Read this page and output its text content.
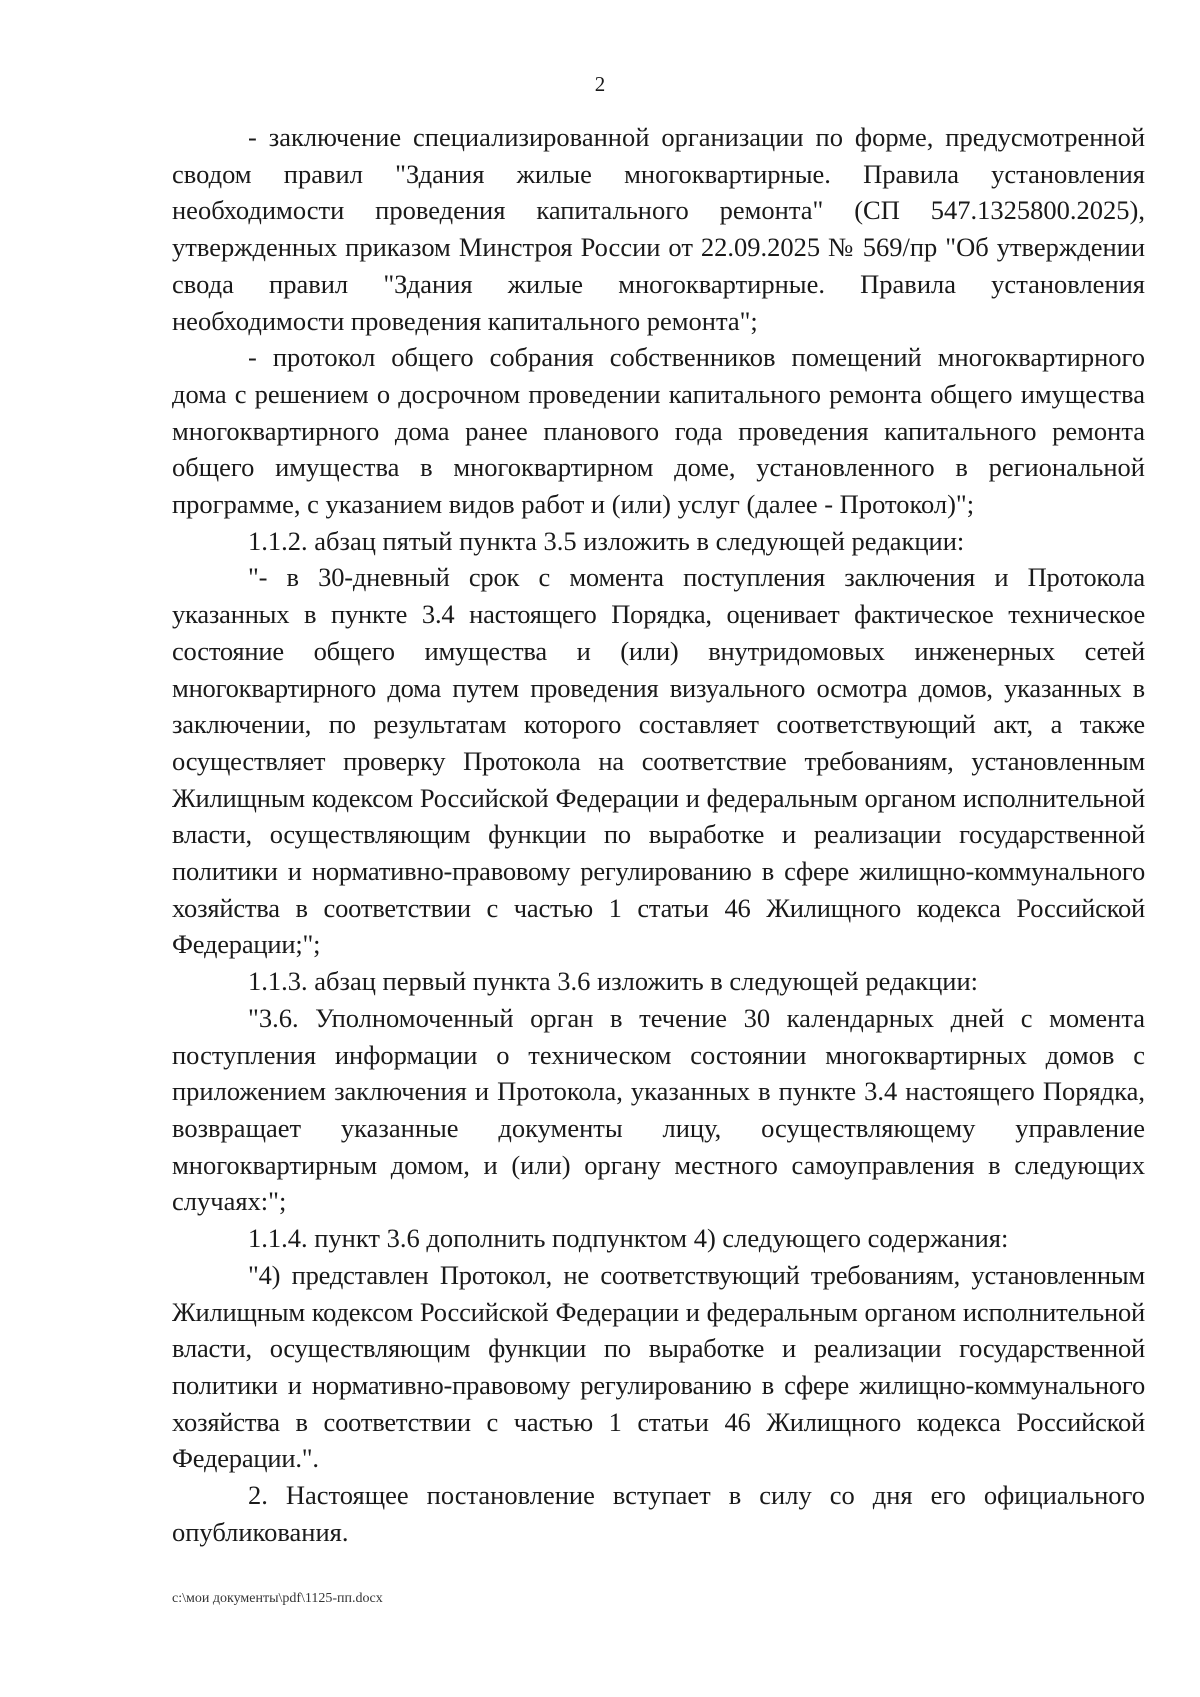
2

- заключение специализированной организации по форме, предусмотренной сводом правил "Здания жилые многоквартирные. Правила установления необходимости проведения капитального ремонта" (СП 547.1325800.2025), утвержденных приказом Минстроя России от 22.09.2025 № 569/пр "Об утверждении свода правил "Здания жилые многоквартирные. Правила установления необходимости проведения капитального ремонта";

- протокол общего собрания собственников помещений многоквартирного дома с решением о досрочном проведении капитального ремонта общего имущества многоквартирного дома ранее планового года проведения капитального ремонта общего имущества в многоквартирном доме, установленного в региональной программе, с указанием видов работ и (или) услуг (далее - Протокол)";

1.1.2. абзац пятый пункта 3.5 изложить в следующей редакции:

"- в 30-дневный срок с момента поступления заключения и Протокола указанных в пункте 3.4 настоящего Порядка, оценивает фактическое техническое состояние общего имущества и (или) внутридомовых инженерных сетей многоквартирного дома путем проведения визуального осмотра домов, указанных в заключении, по результатам которого составляет соответствующий акт, а также осуществляет проверку Протокола на соответствие требованиям, установленным Жилищным кодексом Российской Федерации и федеральным органом исполнительной власти, осуществляющим функции по выработке и реализации государственной политики и нормативно-правовому регулированию в сфере жилищно-коммунального хозяйства в соответствии с частью 1 статьи 46 Жилищного кодекса Российской Федерации;";

1.1.3. абзац первый пункта 3.6 изложить в следующей редакции:

"3.6. Уполномоченный орган в течение 30 календарных дней с момента поступления информации о техническом состоянии многоквартирных домов с приложением заключения и Протокола, указанных в пункте 3.4 настоящего Порядка, возвращает указанные документы лицу, осуществляющему управление многоквартирным домом, и (или) органу местного самоуправления в следующих случаях:";

1.1.4. пункт 3.6 дополнить подпунктом 4) следующего содержания:

"4) представлен Протокол, не соответствующий требованиям, установленным Жилищным кодексом Российской Федерации и федеральным органом исполнительной власти, осуществляющим функции по выработке и реализации государственной политики и нормативно-правовому регулированию в сфере жилищно-коммунального хозяйства в соответствии с частью 1 статьи 46 Жилищного кодекса Российской Федерации.".

2. Настоящее постановление вступает в силу со дня его официального опубликования.

c:\мои документы\pdf\1125-пп.docx
